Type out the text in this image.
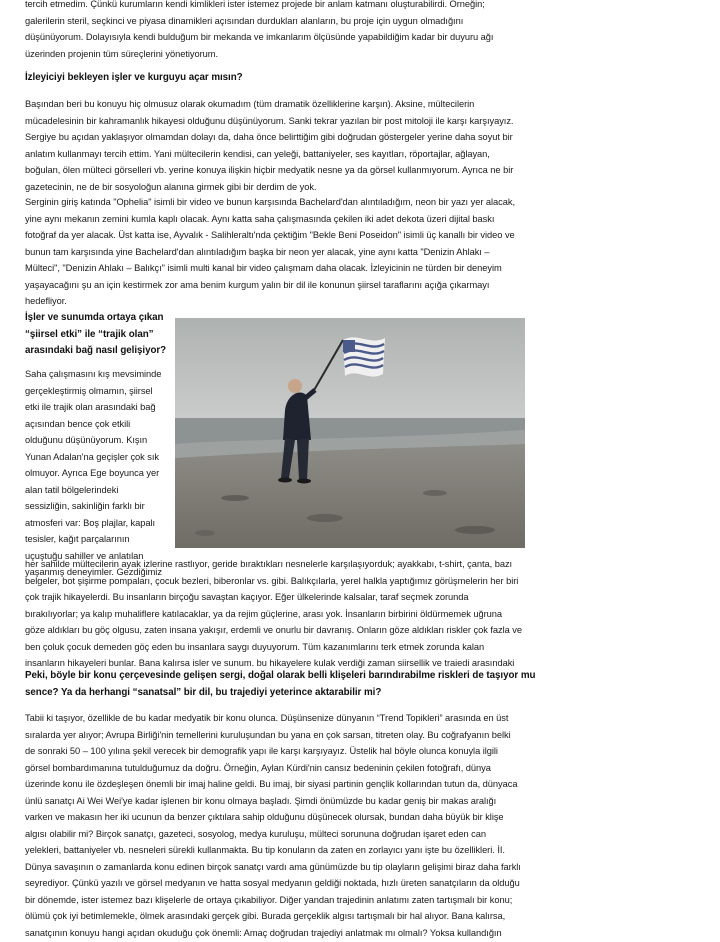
tercih etmedim. Çünkü kurumların kendi kimlikleri ister istemez projede bir anlam katmanı oluşturabilirdi. Örneğin;
galerilerin steril, seçkinci ve piyasa dinamikleri açısından durdukları alanların, bu proje için uygun olmadığını
düşünüyorum. Dolayısıyla kendi bulduğum bir mekanda ve imkanlarım ölçüsünde yapabildiğim kadar bir duyuru ağı
üzerinden projenin tüm süreçlerini yönetiyorum.

İzleyiciyi bekleyen işler ve kurguyu açar mısın?

Başından beri bu konuyu hiç olmusuz olarak okumadım (tüm dramatik özelliklerine karşın). Aksine, mültecilerin
mücadelesinin bir kahramanlık hikayesi olduğunu düşünüyorum. Sanki tekrar yazılan bir post mitoloji ile karşı karşıyayız.
Sergiye bu açıdan yaklaşıyor olmamdan dolayı da, daha önce belirttiğim gibi doğrudan göstergeler yerine daha soyut bir
anlatım kullanmayı tercih ettim. Yani mültecilerin kendisi, can yeleği, battaniyeler, ses kayıtları, röportajlar, ağlayan,
boğulan, ölen mülteci görselleri vb. yerine konuya ilişkin hiçbir medyatik nesne ya da görsel kullanmıyorum. Ayrıca ne bir
gazetecinin, ne de bir sosyoloğun alanına girmek gibi bir derdim de yok.

Serginin giriş katında "Ophelia" isimli bir video ve bunun karşısında Bachelard'dan alıntıladığım, neon bir yazı yer alacak,
yine aynı mekanın zemini kumla kaplı olacak. Aynı katta saha çalışmasında çekilen iki adet dekota üzeri dijital baskı
fotoğraf da yer alacak. Üst katta ise, Ayvalık - Salihleraltı'nda çektiğim "Bekle Beni Poseidon" isimli üç kanallı bir video ve
bunun tam karşısında yine Bachelard'dan alıntıladığım başka bir neon yer alacak, yine aynı katta "Denizin Ahlakı –
Mülteci", "Denizin Ahlakı – Balıkçı" isimli multi kanal bir video çalışmam daha olacak. İzleyicinin ne türden bir deneyim
yaşayacağını şu an için kestirmek zor ama benim kurgum yalın bir dil ile konunun şiirsel taraflarını açığa çıkarmayı
hedefliyor.

İşler ve sunumda ortaya çıkan
“şiirsel etki” ile “trajik olan”
arasındaki bağ nasıl gelişiyor?

Saha çalışmasını kış mevsiminde
gerçekleştirmiş olmamın, şiirsel
etki ile trajik olan arasındaki bağ
açısından bence çok etkili
olduğunu düşünüyorum. Kışın
Yunan Adalan'na geçişler çok sık
olmuyor. Ayrıca Ege boyunca yer
alan tatil bölgelerindeki
sessizliğin, sakinliğin farklı bir
atmosferi var: Boş plajlar, kapalı
tesisler, kağıt parçalarının
uçuştuğu sahiller ve anlatılan
yaşanmış deneyimler. Gezdiğimiz

her sahilde mültecilerin ayak izlerine rastlıyor, geride bıraktıkları nesnelerle karşılaşıyorduk; ayakkabı, t-shirt, çanta, bazı
belgeler, bot şişirme pompaları, çocuk bezleri, biberonlar vs. gibi. Balıkçılarla, yerel halkla yaptığımız görüşmelerin her biri
çok trajik hikayelerdi. Bu insanların birçoğu savaştan kaçıyor. Eğer ülkelerinde kalsalar, taraf seçmek zorunda
bırakılıyorlar; ya kalıp muhaliflere katılacaklar, ya da rejim güçlerine, arası yok. İnsanların birbirini öldürmemek uğruna
göze aldıkları bu göç olgusu, zaten insana yakışır, erdemli ve onurlu bir davranış. Onların göze aldıkları riskler çok fazla ve
ben çoluk çocuk demeden göç eden bu insanlara saygı duyuyorum. Tüm kazanımlarını terk etmek zorunda kalan
insanların hikayeleri bunlar. Bana kalırsa isler ve sunum. bu hikayelere kulak verdiği zaman siirsellik ve traiedi arasındaki

Peki, böyle bir konu çerçevesinde gelişen sergi, doğal olarak belli klişeleri barındırabilme riskleri de taşıyor mu
sence? Ya da herhangi “sanatsal” bir dil, bu trajediyi yeterince aktarabilir mi?

Tabii ki taşıyor, özellikle de bu kadar medyatik bir konu olunca. Düşünsenize dünyanın “Trend Topikleri” arasında en üst
sıralarda yer alıyor; Avrupa Birliği'nin temellerini kuruluşundan bu yana en çok sarsan, titreten olay. Bu coğrafyanın belki
de sonraki 50 – 100 yılına şekil verecek bir demografik yapı ile karşı karşıyayız. Üstelik hal böyle olunca konuyla ilgili
görsel bombardımanına tutulduğumuz da doğru. Örneğin, Aylan Kürdi'nin cansız bedeninin çekilen fotoğrafı, dünya
üzerinde konu ile özdeşleşen önemli bir imaj haline geldi. Bu imaj, bir siyasi partinin gençlik kollarından tutun da, dünyaca
ünlü sanatçı Ai Wei Wei'ye kadar işlenen bir konu olmaya başladı. Şimdi önümüzde bu kadar geniş bir makas aralığı
varken ve makasın her iki ucunun da benzer çıktılara sahip olduğunu düşünecek olursak, bundan daha büyük bir klişe
algısı olabilir mi? Birçok sanatçı, gazeteci, sosyolog, medya kuruluşu, mülteci sorununa doğrudan işaret eden can
yelekleri, battaniyeler vb. nesneleri sürekli kullanmakta. Bu tip konuların da zaten en zorlayıcı yanı işte bu özellikleri. İI.
Dünya savaşının o zamanlarda konu edinen birçok sanatçı vardı ama günümüzde bu tip olayların gelişimi biraz daha farklı
seyrediyor. Çünkü yazılı ve görsel medyanın ve hatta sosyal medyanın geldiği noktada, hızlı üreten sanatçıların da olduğu
bir dönemde, ister istemez bazı klişelerle de ortaya çıkabiliyor. Diğer yandan trajedinin anlatımı zaten tartışmalı bir konu;
ölümü çok iyi betimlemekle, ölmek arasındaki gerçek gibi. Burada gerçeklik algısı tartışmalı bir hal alıyor. Bana kalırsa,
sanatçının konuyu hangi açıdan okuduğu çok önemli: Amaç doğrudan trajediyi anlatmak mı olmalı? Yoksa kullandığın
